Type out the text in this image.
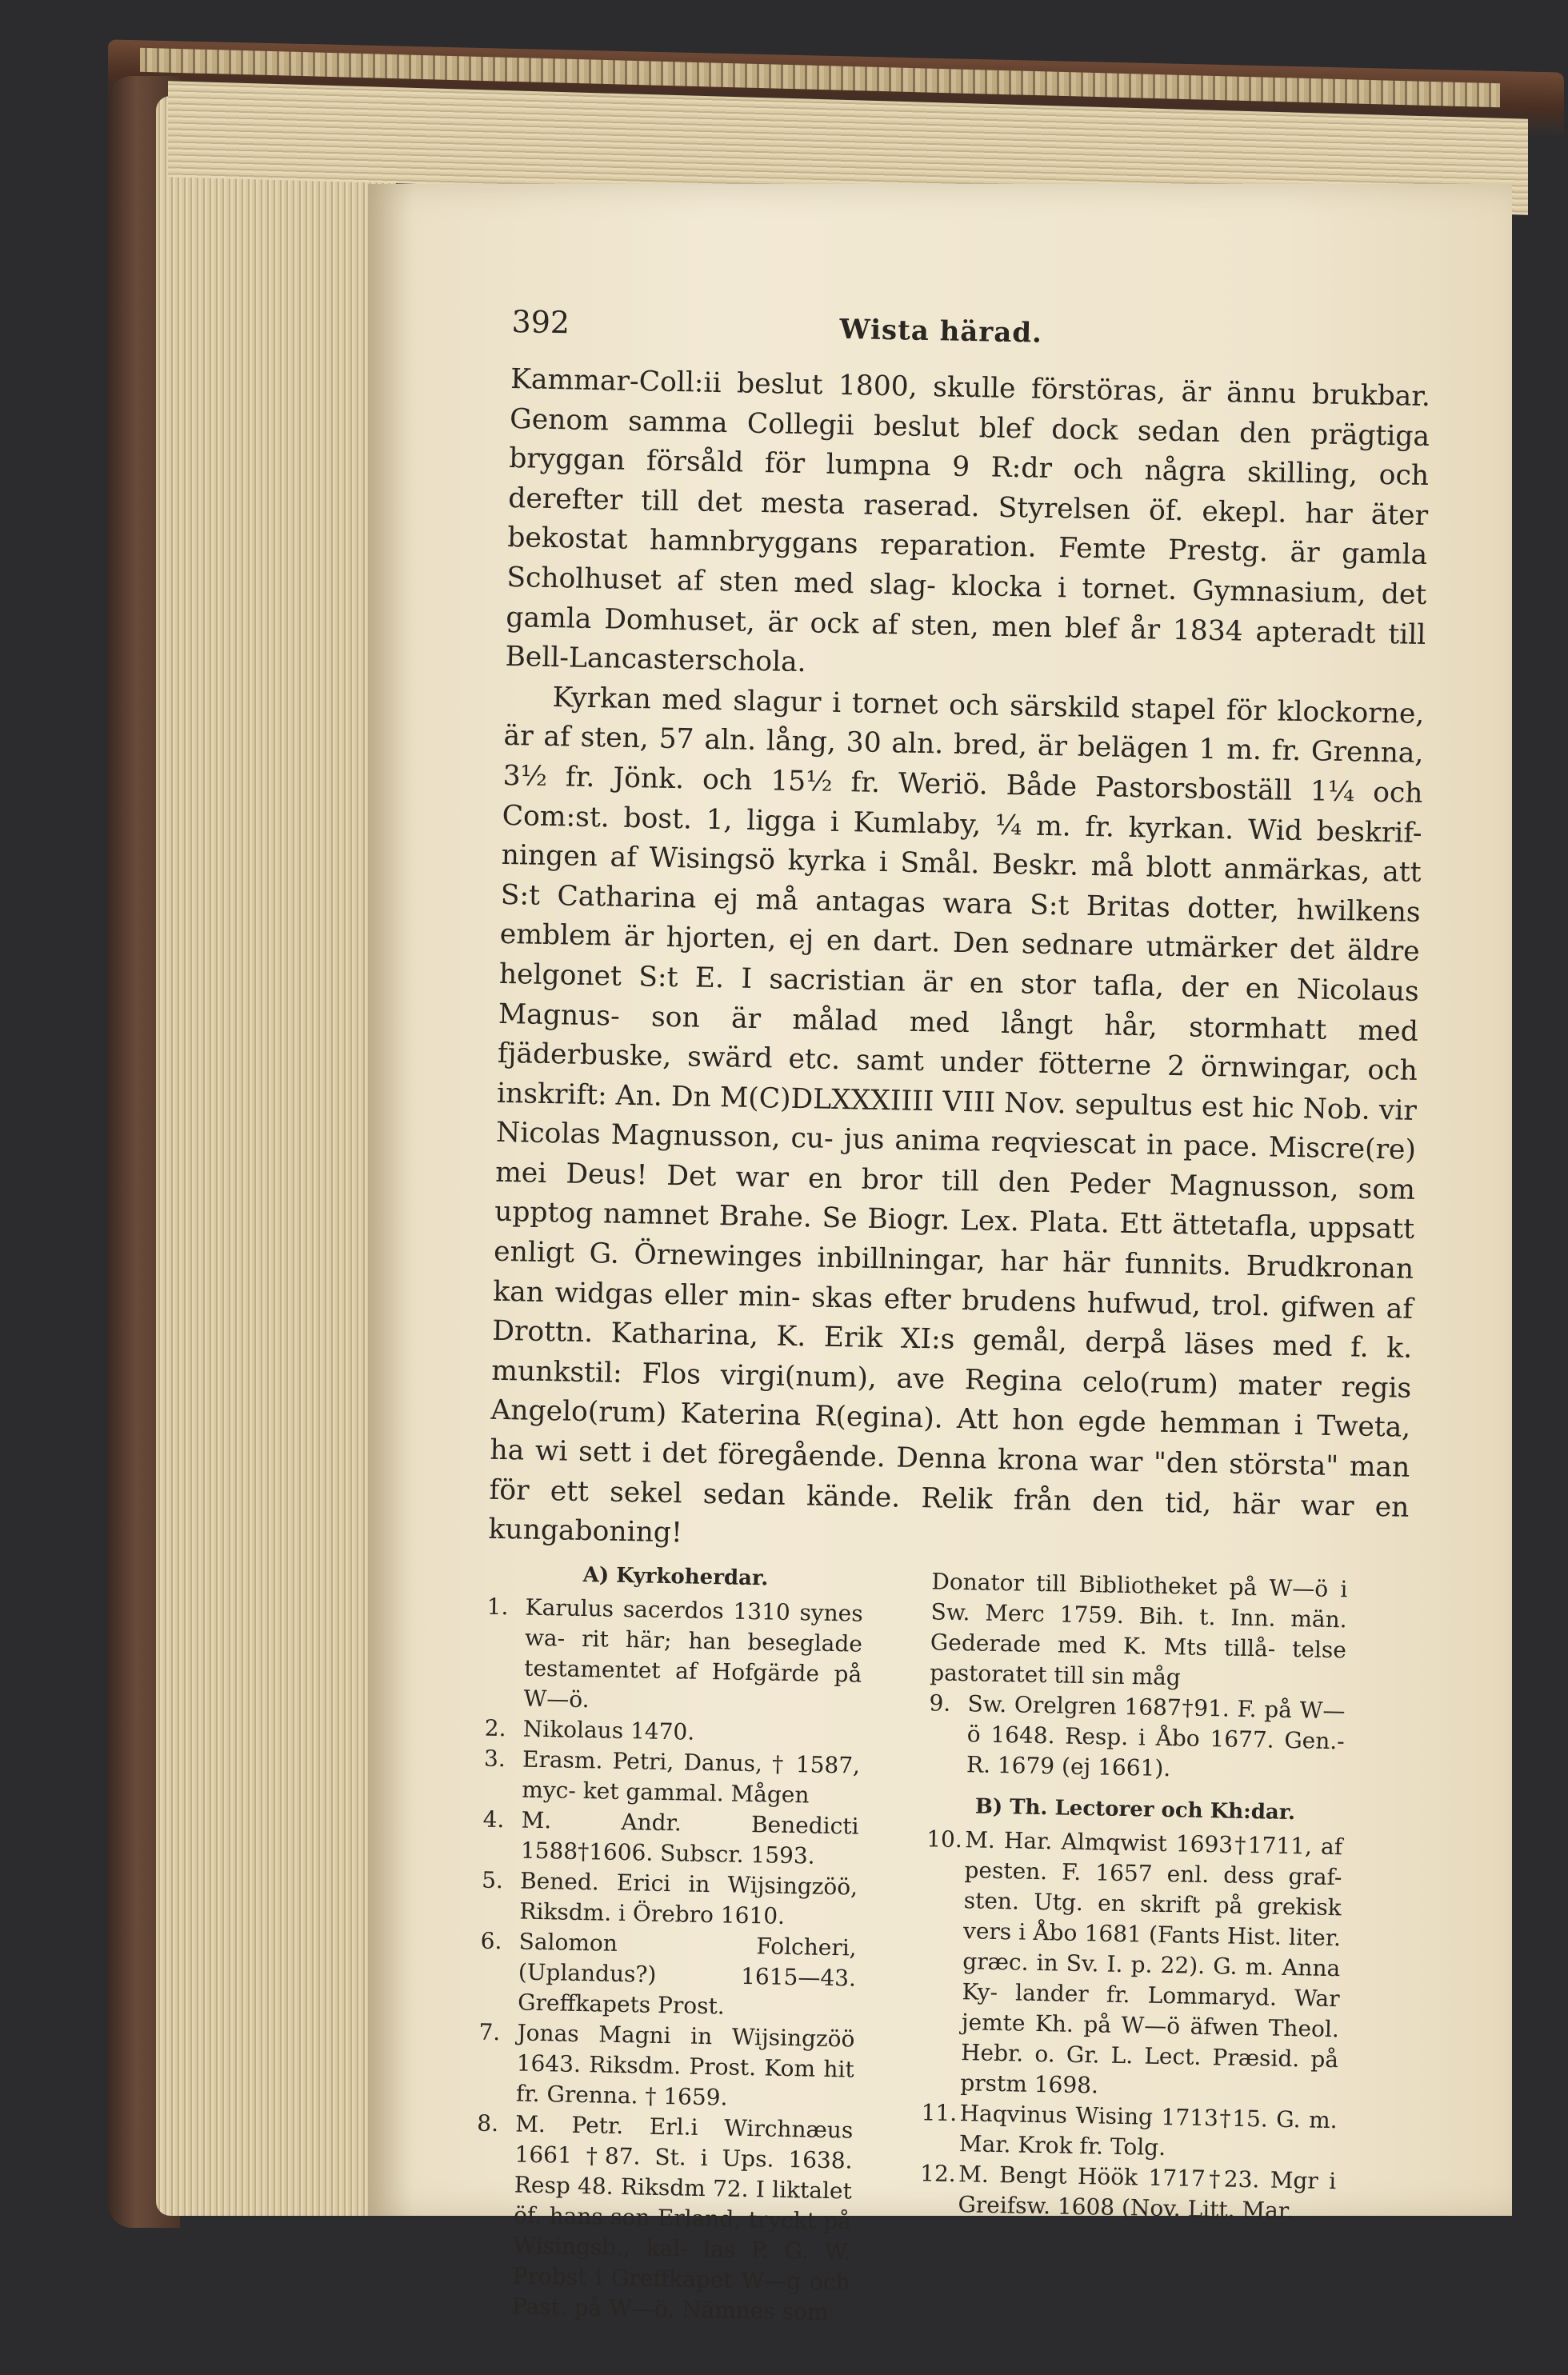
392	Wista härad.

Kammar-Coll:ii beslut 1800, skulle förstöras, är ännu brukbar. Genom samma Collegii beslut blef dock sedan den prägtiga bryggan försåld för lumpna 9 R:dr och några skilling, och derefter till det mesta raserad. Styrelsen öf. ekepl. har äter bekostat hamnbryggans reparation. Femte Prestg. är gamla Scholhuset af sten med slag- klocka i tornet. Gymnasium, det gamla Domhuset, är ock af sten, men blef år 1834 apteradt till Bell-Lancasterschola.

Kyrkan med slagur i tornet och särskild stapel för klockorne, är af sten, 57 aln. lång, 30 aln. bred, är belägen 1 m. fr. Grenna, 3½ fr. Jönk. och 15½ fr. Weriö. Både Pastorsboställ 1¼ och Com:st. bost. 1, ligga i Kumlaby, ¼ m. fr. kyrkan. Wid beskrif- ningen af Wisingsö kyrka i Smål. Beskr. må blott anmärkas, att S:t Catharina ej må antagas wara S:t Britas dotter, hwilkens emblem är hjorten, ej en dart. Den sednare utmärker det äldre helgonet S:t E. I sacristian är en stor tafla, der en Nicolaus Magnus- son är målad med långt hår, stormhatt med fjäderbuske, swärd etc. samt under fötterne 2 örnwingar, och inskrift: An. Dn M(C)DLXXXIIII VIII Nov. sepultus est hic Nob. vir Nicolas Magnusson, cu- jus anima reqviescat in pace. Miscre(re) mei Deus! Det war en bror till den Peder Magnusson, som upptog namnet Brahe. Se Biogr. Lex. Plata. Ett ättetafla, uppsatt enligt G. Örnewinges inbillningar, har här funnits. Brudkronan kan widgas eller min- skas efter brudens hufwud, trol. gifwen af Drottn. Katharina, K. Erik XI:s gemål, derpå läses med f. k. munkstil: Flos virgi(num), ave Regina celo(rum) mater regis Angelo(rum) Katerina R(egina). Att hon egde hemman i Tweta, ha wi sett i det föregående. Denna krona war "den största" man för ett sekel sedan kände. Relik från den tid, här war en kungaboning!

A) Kyrkoherdar.
1. Karulus sacerdos 1310 synes wa- rit här; han beseglade testamentet af Hofgärde på W—ö.
2. Nikolaus 1470.
3. Erasm. Petri, Danus, † 1587, myc- ket gammal. Mågen
4. M. Andr. Benedicti 1588†1606. Subscr. 1593.
5. Bened. Erici in Wijsingzöö, Riksdm. i Örebro 1610.
6. Salomon Folcheri, (Uplandus?) 1615—43. Greffkapets Prost.
7. Jonas Magni in Wijsingzöö 1643. Riksdm. Prost. Kom hit fr. Grenna. † 1659.
8. M. Petr. Erl.i Wirchnæus 1661 †87. St. i Ups. 1638. Resp 48. Riksdm 72. I liktalet öf. hans son Erland, tryckt på Wisingsb., kal- las P. G. W. Probst i Greffkapet W—g och Past. på W—ö. Nämnes som
Donator till Bibliotheket på W—ö i Sw. Merc 1759. Bih. t. Inn. män. Gederade med K. Mts tillå- telse pastoratet till sin måg
9. Sw. Orelgren 1687†91. F. på W—ö 1648. Resp. i Åbo 1677. Gen.-R. 1679 (ej 1661).
B) Th. Lectorer och Kh:dar.
10. M. Har. Almqwist 1693†1711, af pesten. F. 1657 enl. dess graf- sten. Utg. en skrift på grekisk vers i Åbo 1681 (Fants Hist. liter. græc. in Sv. I. p. 22). G. m. Anna Ky- lander fr. Lommaryd. War jemte Kh. på W—ö äfwen Theol. Hebr. o. Gr. L. Lect. Præsid. på prstm 1698.
11. Haqvinus Wising 1713†15. G. m. Mar. Krok fr. Tolg.
12. M. Bengt Höök 1717†23. Mgr i Greifsw. 1608 (Nov. Litt. Mar.
